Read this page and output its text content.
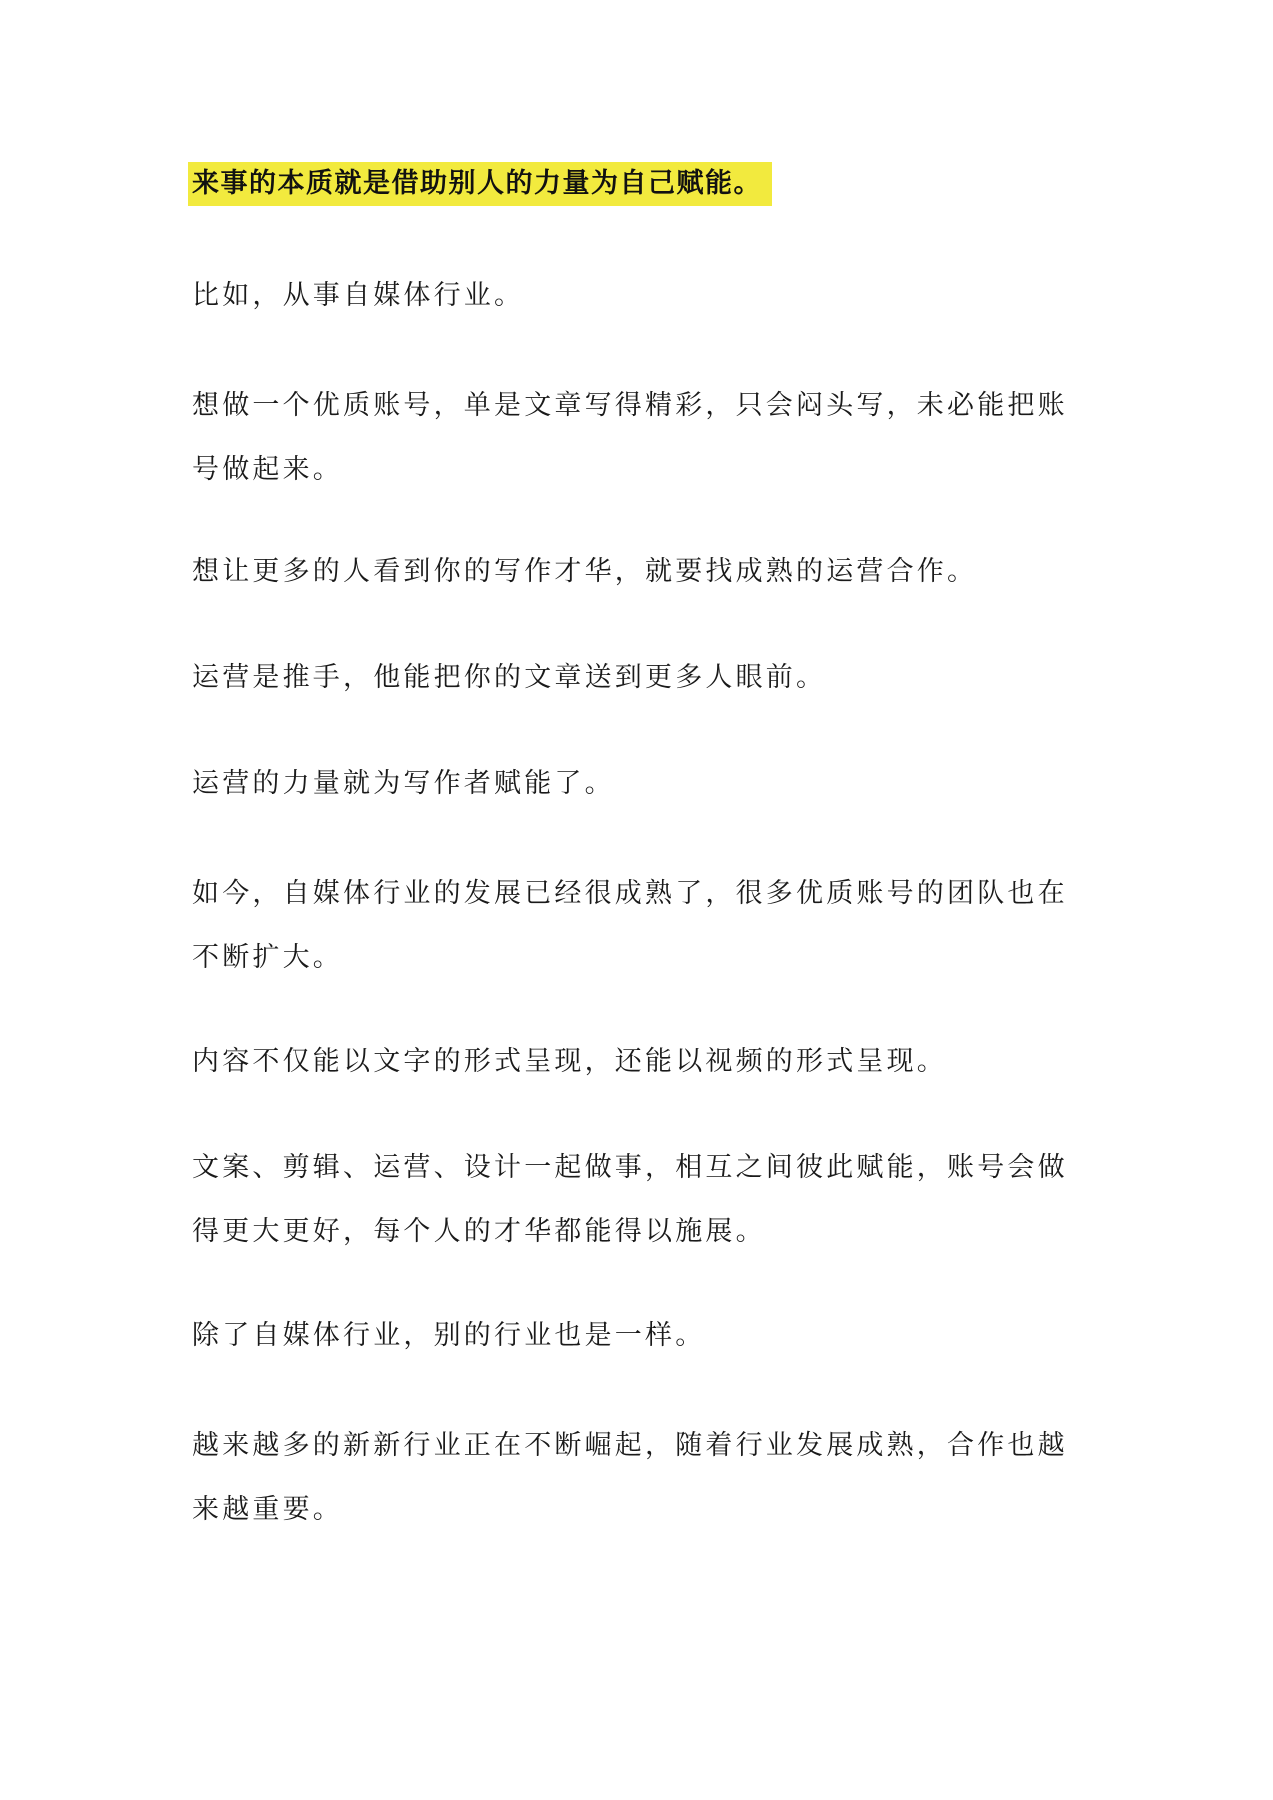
来事的本质就是借助别人的力量为自己赋能。

比如，从事自媒体行业。

想做一个优质账号，单是文章写得精彩，只会闷头写，未必能把账号做起来。

想让更多的人看到你的写作才华，就要找成熟的运营合作。

运营是推手，他能把你的文章送到更多人眼前。

运营的力量就为写作者赋能了。

如今，自媒体行业的发展已经很成熟了，很多优质账号的团队也在不断扩大。

内容不仅能以文字的形式呈现，还能以视频的形式呈现。

文案、剪辑、运营、设计一起做事，相互之间彼此赋能，账号会做得更大更好，每个人的才华都能得以施展。

除了自媒体行业，别的行业也是一样。

越来越多的新新行业正在不断崛起，随着行业发展成熟，合作也越来越重要。
